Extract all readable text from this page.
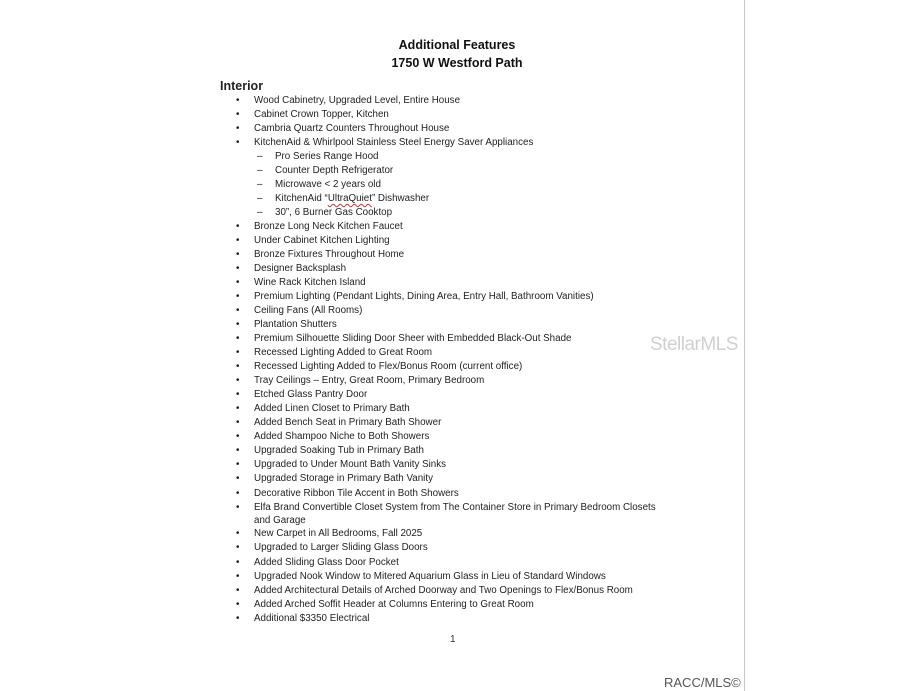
Additional Features
1750 W Westford Path
Interior
• Wood Cabinetry, Upgraded Level, Entire House
• Cabinet Crown Topper, Kitchen
• Cambria Quartz Counters Throughout House
• KitchenAid & Whirlpool Stainless Steel Energy Saver Appliances
– Pro Series Range Hood
– Counter Depth Refrigerator
– Microwave < 2 years old
– KitchenAid “UltraQuiet” Dishwasher
– 30”, 6 Burner Gas Cooktop
• Bronze Long Neck Kitchen Faucet
• Under Cabinet Kitchen Lighting
• Bronze Fixtures Throughout Home
• Designer Backsplash
• Wine Rack Kitchen Island
• Premium Lighting (Pendant Lights, Dining Area, Entry Hall, Bathroom Vanities)
• Ceiling Fans (All Rooms)
• Plantation Shutters
• Premium Silhouette Sliding Door Sheer with Embedded Black-Out Shade
• Recessed Lighting Added to Great Room
• Recessed Lighting Added to Flex/Bonus Room (current office)
• Tray Ceilings – Entry, Great Room, Primary Bedroom
• Etched Glass Pantry Door
• Added Linen Closet to Primary Bath
• Added Bench Seat in Primary Bath Shower
• Added Shampoo Niche to Both Showers
• Upgraded Soaking Tub in Primary Bath
• Upgraded to Under Mount Bath Vanity Sinks
• Upgraded Storage in Primary Bath Vanity
• Decorative Ribbon Tile Accent in Both Showers
• Elfa Brand Convertible Closet System from The Container Store in Primary Bedroom Closets and Garage
• New Carpet in All Bedrooms, Fall 2025
• Upgraded to Larger Sliding Glass Doors
• Added Sliding Glass Door Pocket
• Upgraded Nook Window to Mitered Aquarium Glass in Lieu of Standard Windows
• Added Architectural Details of Arched Doorway and Two Openings to Flex/Bonus Room
• Added Arched Soffit Header at Columns Entering to Great Room
• Additional $3350 Electrical
1
StellarMLS
RACC/MLS©
